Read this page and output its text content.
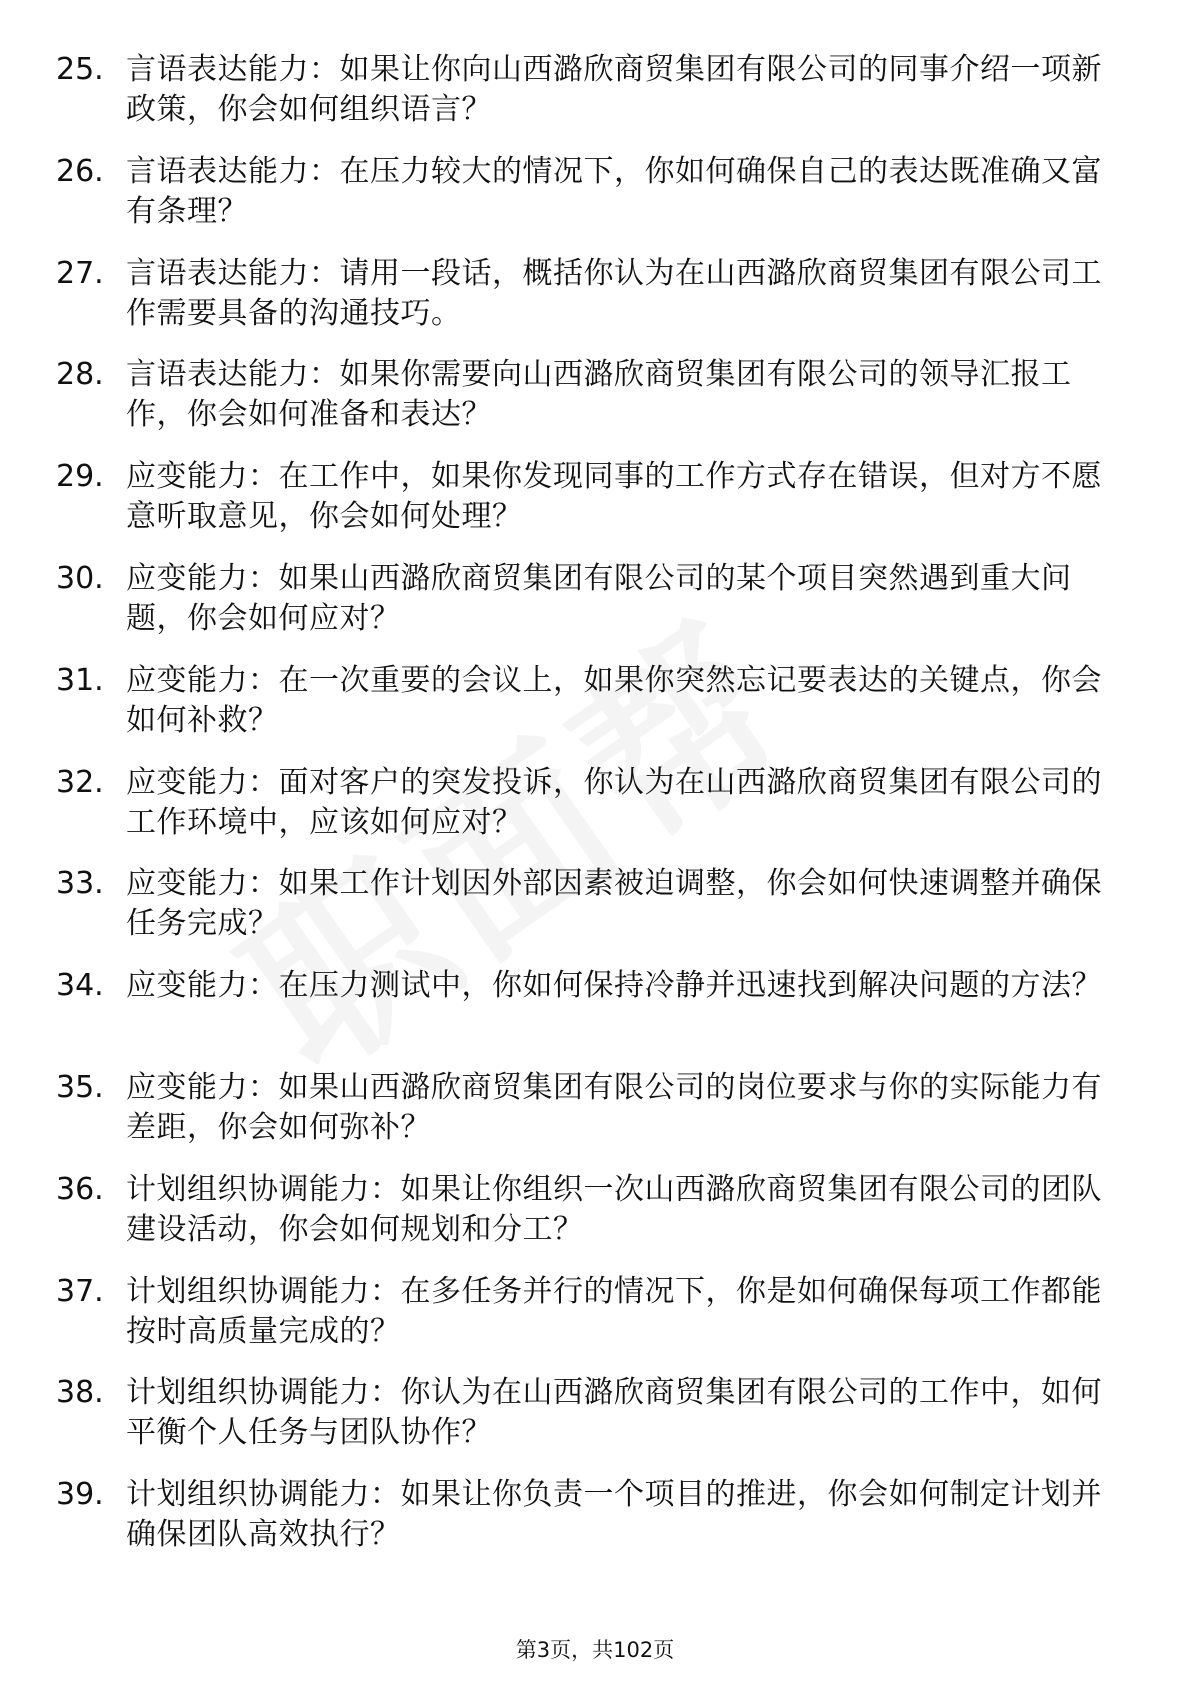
25. 言语表达能力：如果让你向山西潞欣商贸集团有限公司的同事介绍一项新政策，你会如何组织语言？
26. 言语表达能力：在压力较大的情况下，你如何确保自己的表达既准确又富有条理？
27. 言语表达能力：请用一段话，概括你认为在山西潞欣商贸集团有限公司工作需要具备的沟通技巧。
28. 言语表达能力：如果你需要向山西潞欣商贸集团有限公司的领导汇报工作，你会如何准备和表达？
29. 应变能力：在工作中，如果你发现同事的工作方式存在错误，但对方不愿意听取意见，你会如何处理？
30. 应变能力：如果山西潞欣商贸集团有限公司的某个项目突然遇到重大问题，你会如何应对？
31. 应变能力：在一次重要的会议上，如果你突然忘记要表达的关键点，你会如何补救？
32. 应变能力：面对客户的突发投诉，你认为在山西潞欣商贸集团有限公司的工作环境中，应该如何应对？
33. 应变能力：如果工作计划因外部因素被迫调整，你会如何快速调整并确保任务完成？
34. 应变能力：在压力测试中，你如何保持冷静并迅速找到解决问题的方法？
35. 应变能力：如果山西潞欣商贸集团有限公司的岗位要求与你的实际能力有差距，你会如何弥补？
36. 计划组织协调能力：如果让你组织一次山西潞欣商贸集团有限公司的团队建设活动，你会如何规划和分工？
37. 计划组织协调能力：在多任务并行的情况下，你是如何确保每项工作都能按时高质量完成的？
38. 计划组织协调能力：你认为在山西潞欣商贸集团有限公司的工作中，如何平衡个人任务与团队协作？
39. 计划组织协调能力：如果让你负责一个项目的推进，你会如何制定计划并确保团队高效执行？
第3页，共102页
